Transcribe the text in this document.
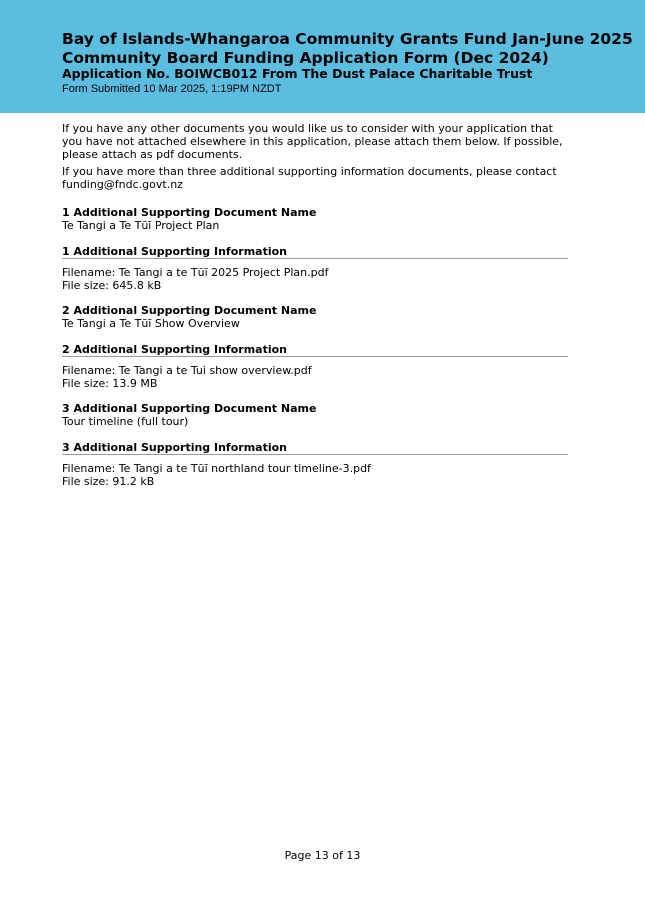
Bay of Islands-Whangaroa Community Grants Fund Jan-June 2025
Community Board Funding Application Form (Dec 2024)
Application No. BOIWCB012 From The Dust Palace Charitable Trust
Form Submitted 10 Mar 2025, 1:19PM NZDT

If you have any other documents you would like us to consider with your application that you have not attached elsewhere in this application, please attach them below. If possible, please attach as pdf documents.

If you have more than three additional supporting information documents, please contact funding@fndc.govt.nz

1 Additional Supporting Document Name
Te Tangi a Te Tūī Project Plan
1 Additional Supporting Information
Filename: Te Tangi a te Tūī 2025 Project Plan.pdf
File size: 645.8 kB
2 Additional Supporting Document Name
Te Tangi a Te Tūī Show Overview
2 Additional Supporting Information
Filename: Te Tangi a te Tui show overview.pdf
File size: 13.9 MB
3 Additional Supporting Document Name
Tour timeline (full tour)
3 Additional Supporting Information
Filename: Te Tangi a te Tūī northland tour timeline-3.pdf
File size: 91.2 kB
Page 13 of 13
